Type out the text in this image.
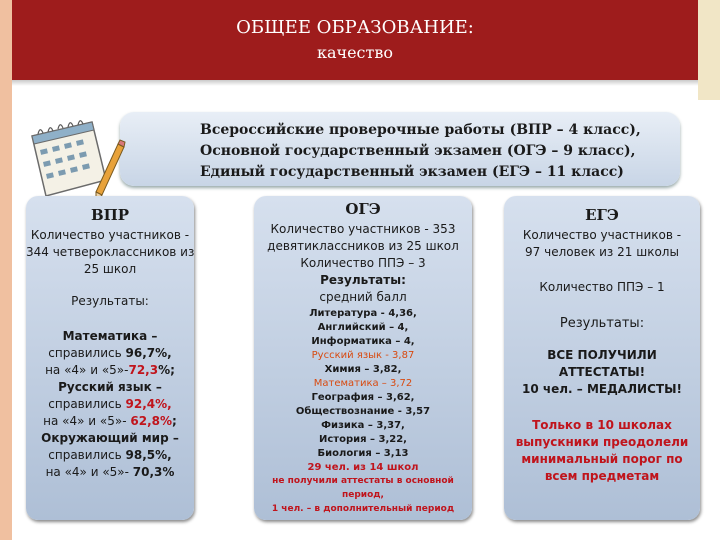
ОБЩЕЕ ОБРАЗОВАНИЕ:
качество
Всероссийские проверочные работы (ВПР – 4 класс),
Основной государственный экзамен (ОГЭ – 9 класс),
Единый государственный экзамен (ЕГЭ – 11 класс)
ВПР
Количество участников -
344 четвероклассников из
25 школ
Результаты:
Математика –
справились 96,7%,
на «4» и «5»-72,3%;
Русский язык –
справились 92,4%,
на «4» и «5»- 62,8%;
Окружающий мир –
справились 98,5%,
на «4» и «5»- 70,3%
ОГЭ
Количество участников - 353
девятиклассников из 25 школ
Количество ППЭ – 3
Результаты:
средний балл
Литература - 4,36,
Английский – 4,
Информатика – 4,
Русский язык - 3,87
Химия – 3,82,
Математика – 3,72
География – 3,62,
Обществознание - 3,57
Физика – 3,37,
История – 3,22,
Биология – 3,13
29 чел. из 14 школ
не получили аттестаты в основной
период,
1 чел. – в дополнительный период
ЕГЭ
Количество участников -
97 человек из 21 школы
Количество ППЭ – 1
Результаты:
ВСЕ ПОЛУЧИЛИ
АТТЕСТАТЫ!
10 чел. – МЕДАЛИСТЫ!
Только в 10 школах
выпускники преодолели
минимальный порог по
всем предметам
